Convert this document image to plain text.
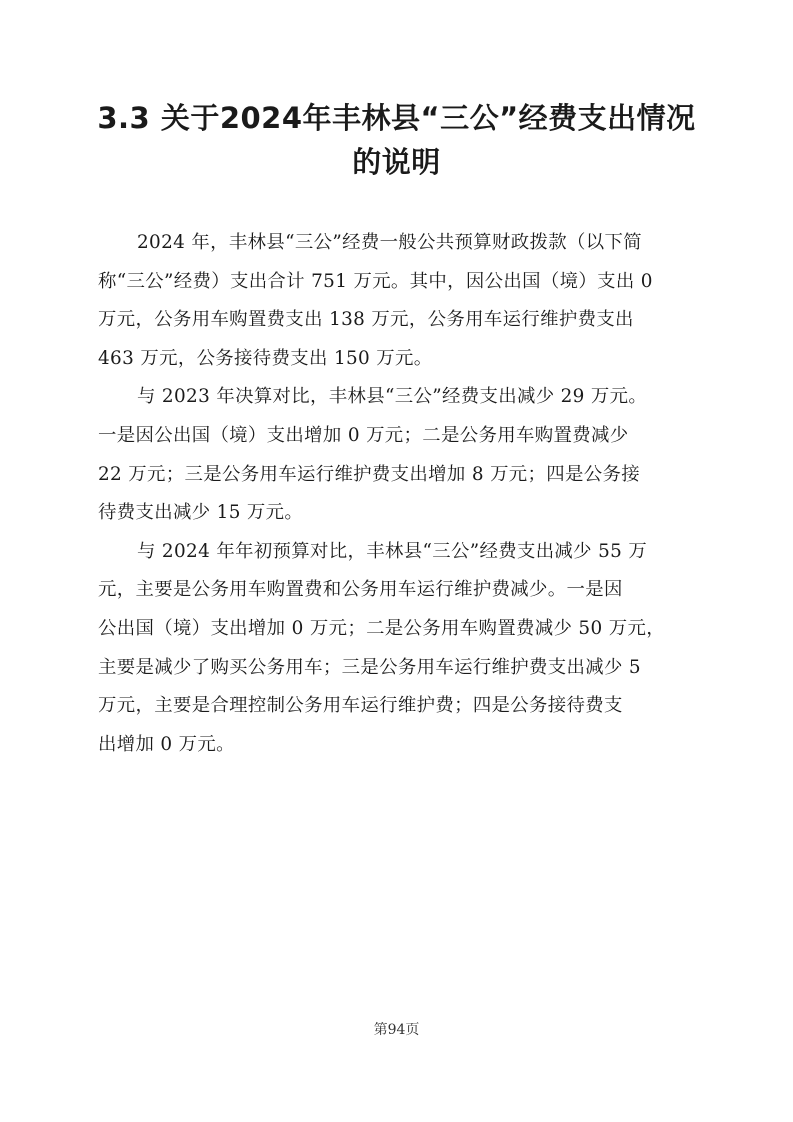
3.3 关于2024年丰林县“三公”经费支出情况
的说明
2024 年，丰林县“三公”经费一般公共预算财政拨款（以下简
称“三公”经费）支出合计 751 万元。其中，因公出国（境）支出 0
万元，公务用车购置费支出 138 万元，公务用车运行维护费支出
463 万元，公务接待费支出 150 万元。
与 2023 年决算对比，丰林县“三公”经费支出减少 29 万元。
一是因公出国（境）支出增加 0 万元；二是公务用车购置费减少
22 万元；三是公务用车运行维护费支出增加 8 万元；四是公务接
待费支出减少 15 万元。
与 2024 年年初预算对比，丰林县“三公”经费支出减少 55 万
元，主要是公务用车购置费和公务用车运行维护费减少。一是因
公出国（境）支出增加 0 万元；二是公务用车购置费减少 50 万元，
主要是减少了购买公务用车；三是公务用车运行维护费支出减少 5
万元，主要是合理控制公务用车运行维护费；四是公务接待费支
出增加 0 万元。
第94页
